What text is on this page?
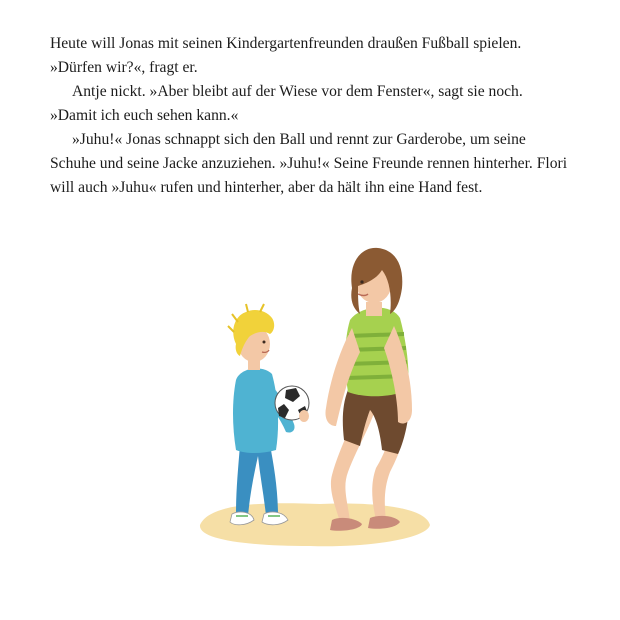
Heute will Jonas mit seinen Kindergartenfreunden draußen Fußball spielen. »Dürfen wir?«, fragt er.

Antje nickt. »Aber bleibt auf der Wiese vor dem Fenster«, sagt sie noch. »Damit ich euch sehen kann.«

»Juhu!« Jonas schnappt sich den Ball und rennt zur Garderobe, um seine Schuhe und seine Jacke anzuziehen. »Juhu!« Seine Freunde rennen hinterher. Flori will auch »Juhu« rufen und hinterher, aber da hält ihn eine Hand fest.
